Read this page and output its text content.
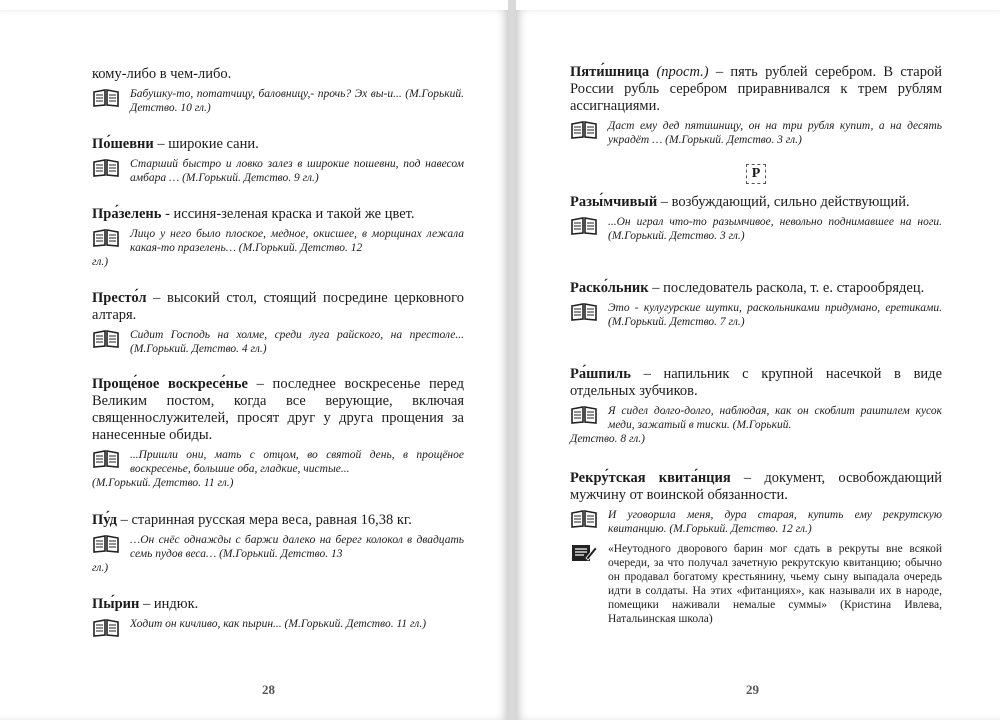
кому-либо в чем-либо.
Бабушку-то, потатчицу, баловницу,- прочь? Эх вы-и... (М.Горький. Детство. 10 гл.)
По́шевни – широкие сани.
Старший быстро и ловко залез в широкие пошевни, под навесом амбара … (М.Горький. Детство. 9 гл.)
Пра́зелень - иссиня-зеленая краска и такой же цвет.
Лицо у него было плоское, медное, окисшее, в морщинах лежала какая-то празелень… (М.Горький. Детство. 12
гл.)
Престо́л – высокий стол, стоящий посредине церковного алтаря.
Сидит Господь на холме, среди луга райского, на престоле... (М.Горький. Детство. 4 гл.)
Проще́ное воскресе́нье – последнее воскресенье перед Великим постом, когда все верующие, включая священнослужителей, просят друг у друга прощения за нанесенные обиды.
...Пришли они, мать с отцом, во святой день, в прощёное воскресенье, большие оба, гладкие, чистые...
(М.Горький. Детство. 11 гл.)
Пу́д – старинная русская мера веса, равная 16,38 кг.
…Он снёс однажды с баржи далеко на берег колокол в двадцать семь пудов веса… (М.Горький. Детство. 13
гл.)
Пы́рин – индюк.
Ходит он кичливо, как пырин... (М.Горький. Детство. 11 гл.)
28
Пяти́шница (прост.) – пять рублей серебром. В старой России рубль серебром приравнивался к трем рублям ассигнациями.
Даст ему дед пятишницу, он на три рубля купит, а на десять украдёт … (М.Горький. Детство. 3 гл.)
Р
Разы́мчивый – возбуждающий, сильно действующий.
...Он играл что-то разымчивое, невольно поднимавшее на ноги. (М.Горький. Детство. 3 гл.)
Раско́льник – последователь раскола, т. е. старообрядец.
Это - кулугурские шутки, раскольниками придумано, еретиками. (М.Горький. Детство. 7 гл.)
Ра́шпиль – напильник с крупной насечкой в виде отдельных зубчиков.
Я сидел долго-долго, наблюдая, как он скоблит рашпилем кусок меди, зажатый в тиски. (М.Горький.
Детство. 8 гл.)
Рекру́тская квита́нция – документ, освобождающий мужчину от воинской обязанности.
И уговорила меня, дура старая, купить ему рекрутскую квитанцию. (М.Горький. Детство. 12 гл.)
«Неутодного дворового барин мог сдать в рекруты вне всякой очереди, за что получал зачетную рекрутскую квитанцию; обычно он продавал богатому крестьянину, чьему сыну выпадала очередь идти в солдаты. На этих «фитанциях», как называли их в народе, помещики наживали немалые суммы» (Кристина Ивлева, Натальинская школа)
29
